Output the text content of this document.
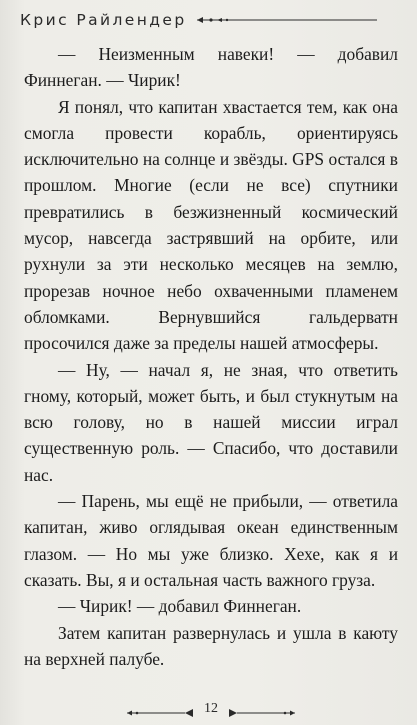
Крис Райлендер

— Неизменным навеки! — добавил Финнеган. — Чирик!

Я понял, что капитан хвастается тем, как она смогла провести корабль, ориентируясь исключительно на солнце и звёзды. GPS остался в прошлом. Многие (если не все) спутники превратились в безжизненный космический мусор, навсегда застрявший на орбите, или рухнули за эти несколько месяцев на землю, прорезав ночное небо охваченными пламенем обломками. Вернувшийся гальдерватн просочился даже за пределы нашей атмосферы.

— Ну, — начал я, не зная, что ответить гному, который, может быть, и был стукнутым на всю голову, но в нашей миссии играл существенную роль. — Спасибо, что доставили нас.

— Парень, мы ещё не прибыли, — ответила капитан, живо оглядывая океан единственным глазом. — Но мы уже близко. Хехе, как я и сказать. Вы, я и остальная часть важного груза.

— Чирик! — добавил Финнеган.

Затем капитан развернулась и ушла в каюту на верхней палубе.

12
